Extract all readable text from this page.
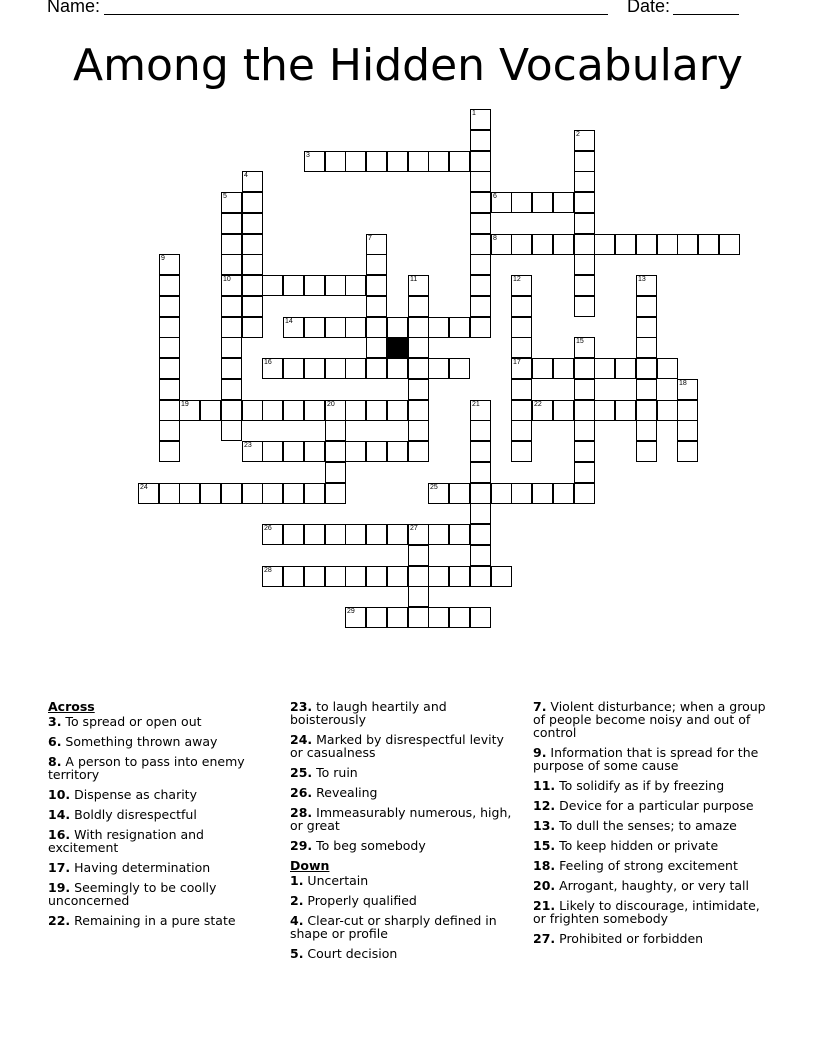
Name:	Date:
Among the Hidden Vocabulary
3
6
8
10
14
16	17
19	20	22
23
24	25
26	27
28
29
1
2
4
5
7
9
11	12	13
15
18
21
Across
3. To spread or open out
6. Something thrown away
8. A person to pass into enemy territory
10. Dispense as charity
14. Boldly disrespectful
16. With resignation and excitement
17. Having determination
19. Seemingly to be coolly unconcerned
22. Remaining in a pure state
23. to laugh heartily and boisterously
24. Marked by disrespectful levity or casualness
25. To ruin
26. Revealing
28. Immeasurably numerous, high, or great
29. To beg somebody
Down
1. Uncertain
2. Properly qualified
4. Clear-cut or sharply defined in shape or profile
5. Court decision
7. Violent disturbance; when a group of people become noisy and out of control
9. Information that is spread for the purpose of some cause
11. To solidify as if by freezing
12. Device for a particular purpose
13. To dull the senses; to amaze
15. To keep hidden or private
18. Feeling of strong excitement
20. Arrogant, haughty, or very tall
21. Likely to discourage, intimidate, or frighten somebody
27. Prohibited or forbidden
